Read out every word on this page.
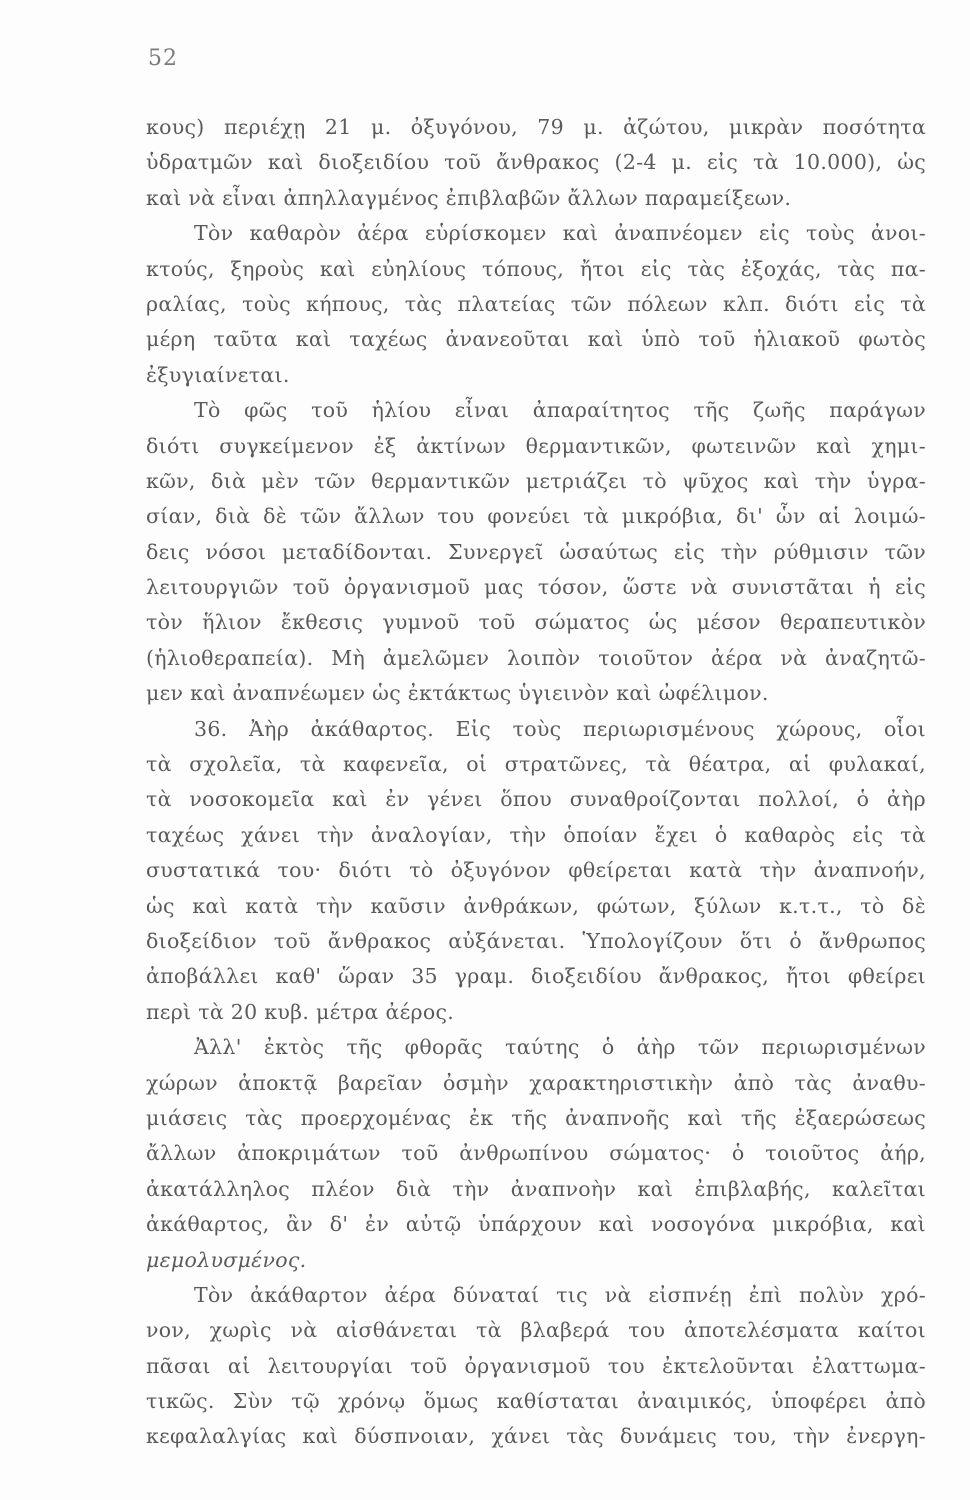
52
κους) περιέχῃ 21 μ. ὀξυγόνου, 79 μ. ἀζώτου, μικρὰν ποσότητα
ὑδρατμῶν καὶ διοξειδίου τοῦ ἄνθρακος (2-4 μ. εἰς τὰ 10.000), ὡς
καὶ νὰ εἶναι ἀπηλλαγμένος ἐπιβλαβῶν ἄλλων παραμείξεων.
Τὸν καθαρὸν ἀέρα εὑρίσκομεν καὶ ἀναπνέομεν εἰς τοὺς ἀνοι-
κτούς, ξηροὺς καὶ εὐηλίους τόπους, ἤτοι εἰς τὰς ἐξοχάς, τὰς πα-
ραλίας, τοὺς κήπους, τὰς πλατείας τῶν πόλεων κλπ. διότι εἰς τὰ
μέρη ταῦτα καὶ ταχέως ἀνανεοῦται καὶ ὑπὸ τοῦ ἡλιακοῦ φωτὸς
ἐξυγιαίνεται.
Τὸ φῶς τοῦ ἡλίου εἶναι ἀπαραίτητος τῆς ζωῆς παράγων
διότι συγκείμενον ἐξ ἀκτίνων θερμαντικῶν, φωτεινῶν καὶ χημι-
κῶν, διὰ μὲν τῶν θερμαντικῶν μετριάζει τὸ ψῦχος καὶ τὴν ὑγρα-
σίαν, διὰ δὲ τῶν ἄλλων του φονεύει τὰ μικρόβια, δι' ὧν αἱ λοιμώ-
δεις νόσοι μεταδίδονται. Συνεργεῖ ὡσαύτως εἰς τὴν ρύθμισιν τῶν
λειτουργιῶν τοῦ ὀργανισμοῦ μας τόσον, ὥστε νὰ συνιστᾶται ἡ εἰς
τὸν ἥλιον ἔκθεσις γυμνοῦ τοῦ σώματος ὡς μέσον θεραπευτικὸν
(ἡλιοθεραπεία). Μὴ ἀμελῶμεν λοιπὸν τοιοῦτον ἀέρα νὰ ἀναζητῶ-
μεν καὶ ἀναπνέωμεν ὡς ἐκτάκτως ὑγιεινὸν καὶ ὠφέλιμον.
36. Ἀὴρ ἀκάθαρτος. Εἰς τοὺς περιωρισμένους χώρους, οἷοι
τὰ σχολεῖα, τὰ καφενεῖα, οἱ στρατῶνες, τὰ θέατρα, αἱ φυλακαί,
τὰ νοσοκομεῖα καὶ ἐν γένει ὅπου συναθροίζονται πολλοί, ὁ ἀὴρ
ταχέως χάνει τὴν ἀναλογίαν, τὴν ὁποίαν ἔχει ὁ καθαρὸς εἰς τὰ
συστατικά του· διότι τὸ ὀξυγόνον φθείρεται κατὰ τὴν ἀναπνοήν,
ὡς καὶ κατὰ τὴν καῦσιν ἀνθράκων, φώτων, ξύλων κ.τ.τ., τὸ δὲ
διοξείδιον τοῦ ἄνθρακος αὐξάνεται. Ὑπολογίζουν ὅτι ὁ ἄνθρωπος
ἀποβάλλει καθ' ὥραν 35 γραμ. διοξειδίου ἄνθρακος, ἤτοι φθείρει
περὶ τὰ 20 κυβ. μέτρα ἀέρος.
Ἀλλ' ἐκτὸς τῆς φθορᾶς ταύτης ὁ ἀὴρ τῶν περιωρισμένων
χώρων ἀποκτᾷ βαρεῖαν ὀσμὴν χαρακτηριστικὴν ἀπὸ τὰς ἀναθυ-
μιάσεις τὰς προερχομένας ἐκ τῆς ἀναπνοῆς καὶ τῆς ἐξαερώσεως
ἄλλων ἀποκριμάτων τοῦ ἀνθρωπίνου σώματος· ὁ τοιοῦτος ἀήρ,
ἀκατάλληλος πλέον διὰ τὴν ἀναπνοὴν καὶ ἐπιβλαβής, καλεῖται
ἀκάθαρτος, ἂν δ' ἐν αὐτῷ ὑπάρχουν καὶ νοσογόνα μικρόβια, καὶ
μεμολυσμένος.
Τὸν ἀκάθαρτον ἀέρα δύναταί τις νὰ εἰσπνέῃ ἐπὶ πολὺν χρό-
νον, χωρὶς νὰ αἰσθάνεται τὰ βλαβερά του ἀποτελέσματα καίτοι
πᾶσαι αἱ λειτουργίαι τοῦ ὀργανισμοῦ του ἐκτελοῦνται ἐλαττωμα-
τικῶς. Σὺν τῷ χρόνῳ ὅμως καθίσταται ἀναιμικός, ὑποφέρει ἀπὸ
κεφαλαλγίας καὶ δύσπνοιαν, χάνει τὰς δυνάμεις του, τὴν ἐνεργη-
